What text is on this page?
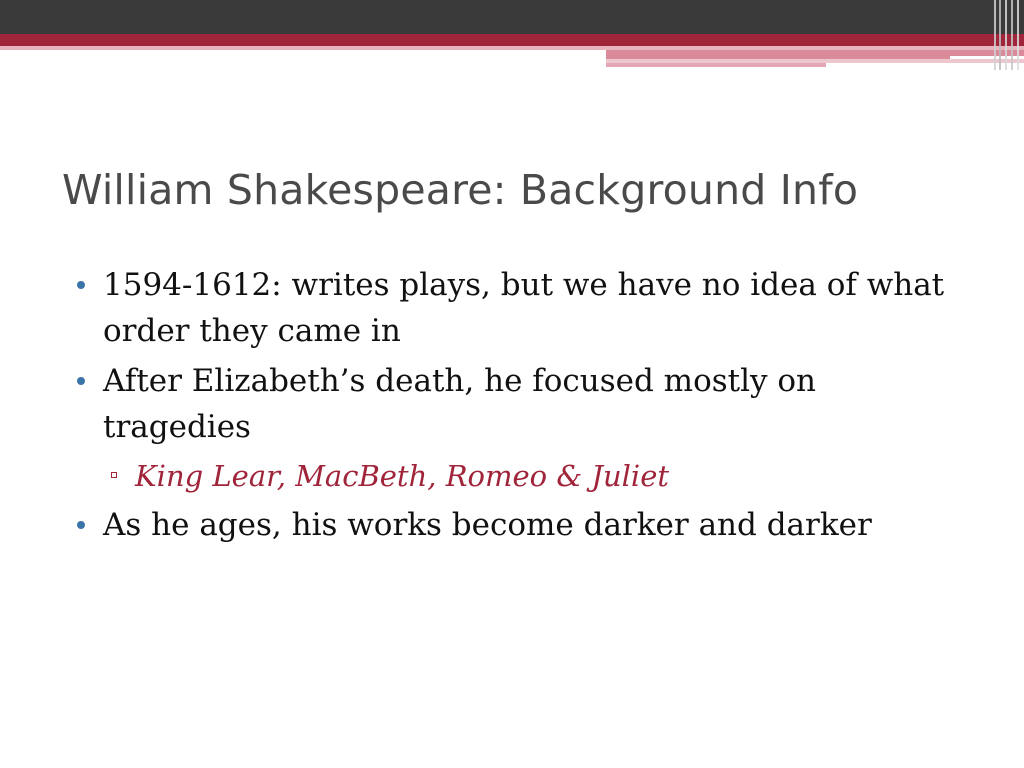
William Shakespeare: Background Info
1594-1612: writes plays, but we have no idea of what order they came in
After Elizabeth’s death, he focused mostly on tragedies
King Lear, MacBeth, Romeo & Juliet
As he ages, his works become darker and darker
